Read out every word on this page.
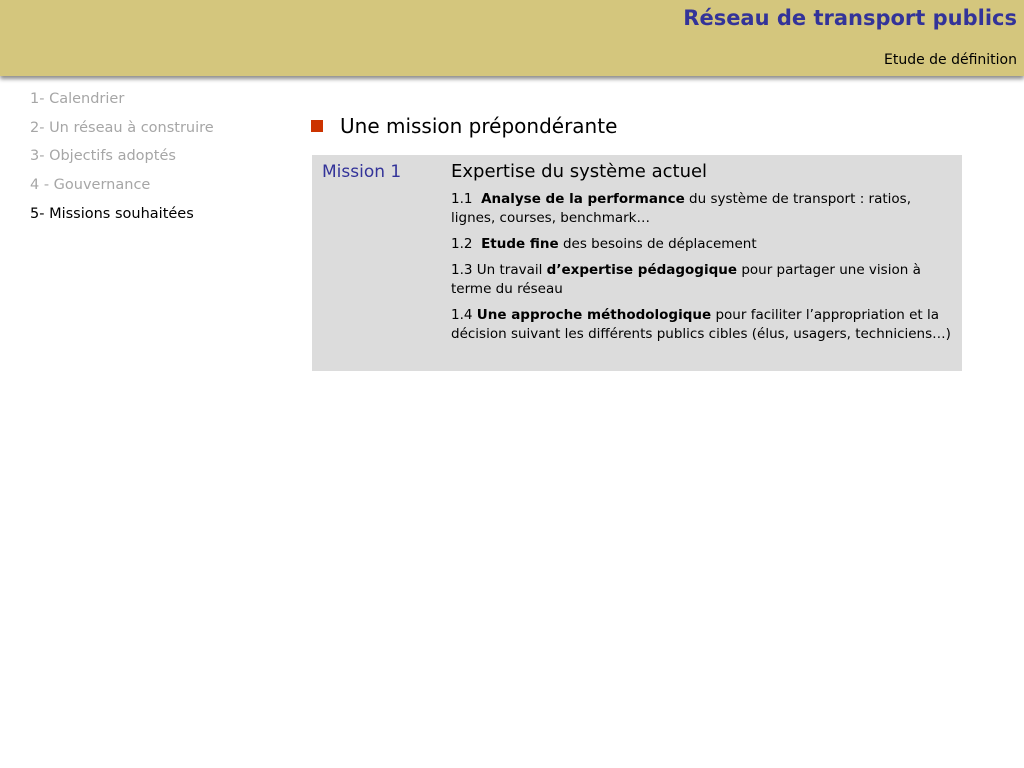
Réseau de transport publics
Etude de définition
1- Calendrier
2- Un réseau à construire
3- Objectifs adoptés
4 - Gouvernance
5- Missions souhaitées
Une mission prépondérante
Mission 1	Expertise du système actuel
1.1  Analyse de la performance du système de transport : ratios, lignes, courses, benchmark…
1.2  Etude fine des besoins de déplacement
1.3 Un travail d’expertise pédagogique pour partager une vision à terme du réseau
1.4 Une approche méthodologique pour faciliter l’appropriation et la décision suivant les différents publics cibles (élus, usagers, techniciens…)
